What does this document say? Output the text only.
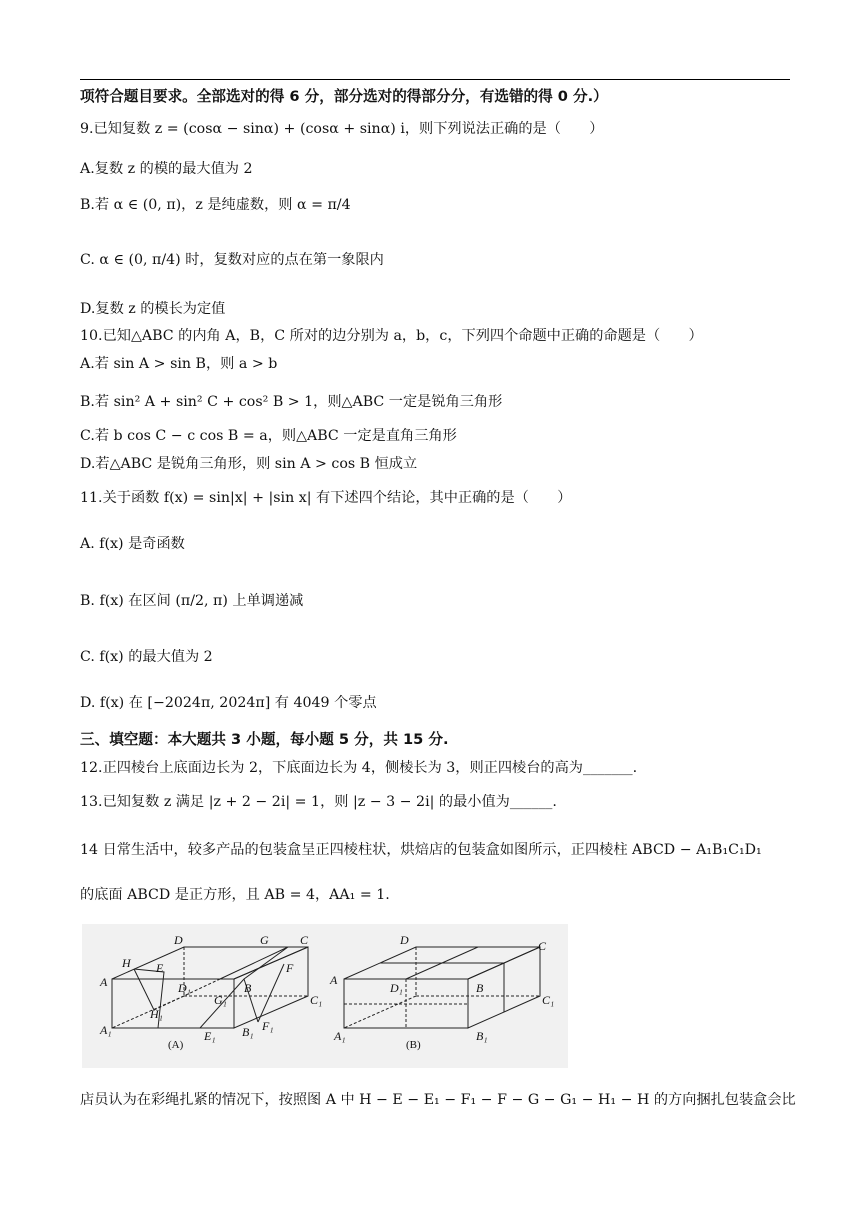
项符合题目要求。全部选对的得 6 分，部分选对的得部分分，有选错的得 0 分.）
9.已知复数 z = (cosα − sinα) + (cosα + sinα) i，则下列说法正确的是（　　）
A.复数 z 的模的最大值为 2
B.若 α ∈ (0, π)，z 是纯虚数，则 α = π/4
C. α ∈ (0, π/4) 时，复数对应的点在第一象限内
D.复数 z 的模长为定值
10.已知△ABC 的内角 A，B，C 所对的边分别为 a，b，c，下列四个命题中正确的命题是（　　）
A.若 sin A > sin B，则 a > b
B.若 sin² A + sin² C + cos² B > 1，则△ABC 一定是锐角三角形
C.若 b cos C − c cos B = a，则△ABC 一定是直角三角形
D.若△ABC 是锐角三角形，则 sin A > cos B 恒成立
11.关于函数 f(x) = sin|x| + |sin x| 有下述四个结论，其中正确的是（　　）
A. f(x) 是奇函数
B. f(x) 在区间 (π/2, π) 上单调递减
C. f(x) 的最大值为 2
D. f(x) 在 [−2024π, 2024π] 有 4049 个零点
三、填空题：本大题共 3 小题，每小题 5 分，共 15 分.
12.正四棱台上底面边长为 2，下底面边长为 4，侧棱长为 3，则正四棱台的高为_______.
13.已知复数 z 满足 |z + 2 − 2i| = 1，则 |z − 3 − 2i| 的最小值为______.
14 日常生活中，较多产品的包装盒呈正四棱柱状，烘焙店的包装盒如图所示，正四棱柱 ABCD − A₁B₁C₁D₁
的底面 ABCD 是正方形，且 AB = 4，AA₁ = 1.
D	G	C
H E	F
A	D₁
G₁
B
C₁
H₁
A₁	E₁ B₁ F₁
(A)
D	C
A
D₁	B
C₁
A₁	B₁
(B)
店员认为在彩绳扎紧的情况下，按照图 A 中 H − E − E₁ − F₁ − F − G − G₁ − H₁ − H 的方向捆扎包装盒会比
